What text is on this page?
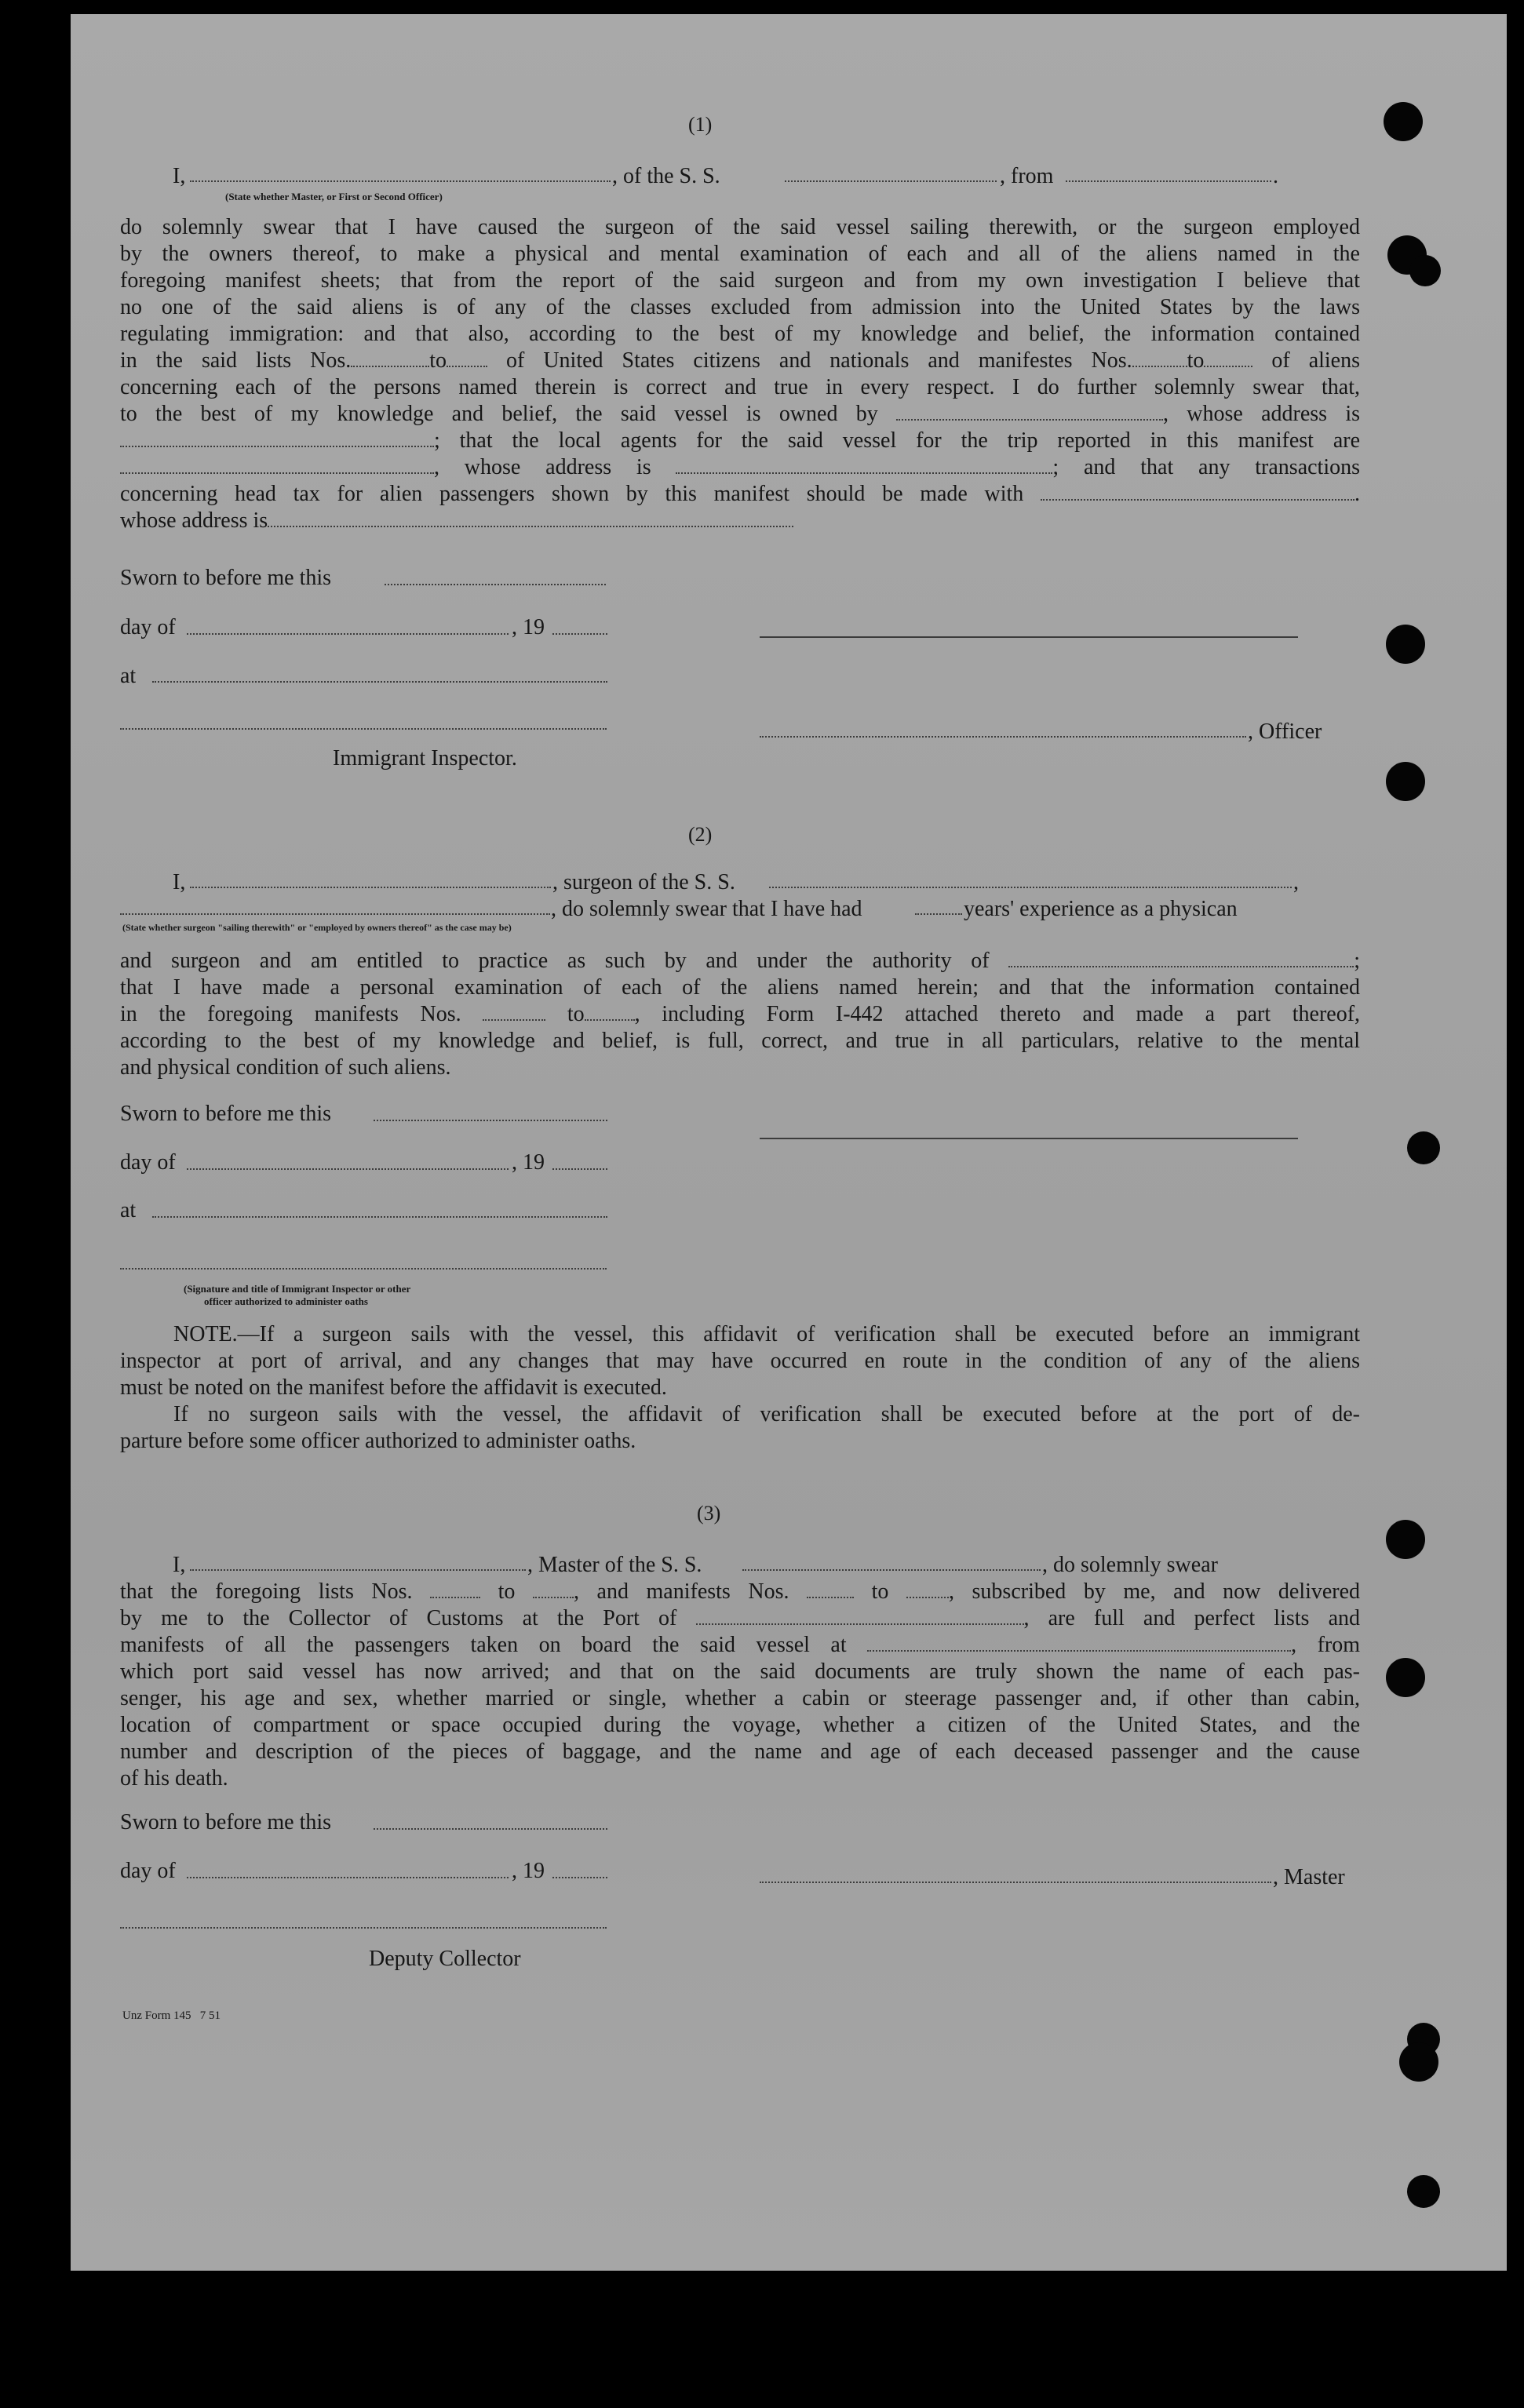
(1)
I,	, of the S. S.	, from	.
(State whether Master, or First or Second Officer)

do solemnly swear that I have caused the surgeon of the said vessel sailing therewith, or the surgeon employed

by the owners thereof, to make a physical and mental examination of each and all of the aliens named in the

foregoing manifest sheets; that from the report of the said surgeon and from my own investigation I believe that

no one of the said aliens is of any of the classes excluded from admission into the United States by the laws

regulating immigration: and that also, according to the best of my knowledge and belief, the information contained

in the said lists Nos.	to	of United States citizens and nationals and manifestes Nos.	to	of aliens

concerning each of the persons named therein is correct and true in every respect. I do further solemnly swear that,

to the best of my knowledge and belief, the said vessel is owned by	, whose address is

; that the local agents for the said vessel for the trip reported in this manifest are

, whose address is	; and that any transactions

concerning head tax for alien passengers shown by this manifest should be made with	.

whose address is

Sworn to before me this
day of	, 19
at
, Officer
Immigrant Inspector.
(2)
I,	, surgeon of the S. S.	,
, do solemnly swear that I have had	years' experience as a physican
(State whether surgeon "sailing therewith" or "employed by owners thereof" as the case may be)

and surgeon and am entitled to practice as such by and under the authority of	;

that I have made a personal examination of each of the aliens named herein; and that the information contained

in the foregoing manifests Nos.	to , including Form I-442 attached thereto and made a part thereof,

according to the best of my knowledge and belief, is full, correct, and true in all particulars, relative to the mental

and physical condition of such aliens.

Sworn to before me this
day of	, 19
at
(Signature and title of Immigrant Inspector or other
officer authorized to administer oaths

NOTE.—If a surgeon sails with the vessel, this affidavit of verification shall be executed before an immigrant

inspector at port of arrival, and any changes that may have occurred en route in the condition of any of the aliens

must be noted on the manifest before the affidavit is executed.

If no surgeon sails with the vessel, the affidavit of verification shall be executed before at the port of de-

parture before some officer authorized to administer oaths.

(3)
I,	, Master of the S. S.	, do solemnly swear

that the foregoing lists Nos.	to	, and manifests Nos.	to	, subscribed by me, and now delivered

by me to the Collector of Customs at the Port of	, are full and perfect lists and

manifests of all the passengers taken on board the said vessel at	, from

which port said vessel has now arrived; and that on the said documents are truly shown the name of each pas-

senger, his age and sex, whether married or single, whether a cabin or steerage passenger and, if other than cabin,

location of compartment or space occupied during the voyage, whether a citizen of the United States, and the

number and description of the pieces of baggage, and the name and age of each deceased passenger and the cause

of his death.

Sworn to before me this
day of	, 19	, Master
Deputy Collector
Unz Form 145   7 51
